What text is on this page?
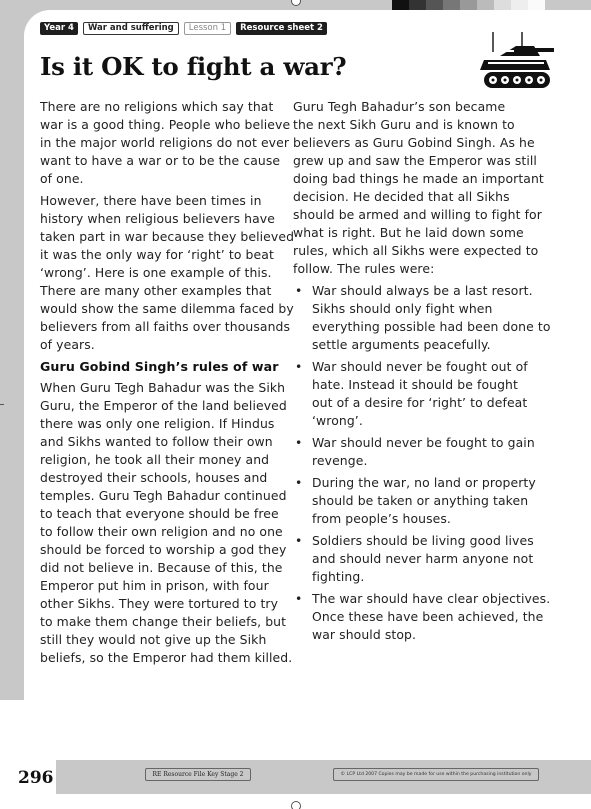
Year 4	War and suffering	Lesson 1	Resource sheet 2
Is it OK to fight a war?

There are no religions which say that
war is a good thing. People who believe
in the major world religions do not ever
want to have a war or to be the cause
of one.

However, there have been times in
history when religious believers have
taken part in war because they believed
it was the only way for ‘right’ to beat
‘wrong’. Here is one example of this.
There are many other examples that
would show the same dilemma faced by
believers from all faiths over thousands
of years.

Guru Gobind Singh’s rules of war

When Guru Tegh Bahadur was the Sikh
Guru, the Emperor of the land believed
there was only one religion. If Hindus
and Sikhs wanted to follow their own
religion, he took all their money and
destroyed their schools, houses and
temples. Guru Tegh Bahadur continued
to teach that everyone should be free
to follow their own religion and no one
should be forced to worship a god they
did not believe in. Because of this, the
Emperor put him in prison, with four
other Sikhs. They were tortured to try
to make them change their beliefs, but
still they would not give up the Sikh
beliefs, so the Emperor had them killed.

Guru Tegh Bahadur’s son became
the next Sikh Guru and is known to
believers as Guru Gobind Singh. As he
grew up and saw the Emperor was still
doing bad things he made an important
decision. He decided that all Sikhs
should be armed and willing to fight for
what is right. But he laid down some
rules, which all Sikhs were expected to
follow. The rules were:

• War should always be a last resort.
Sikhs should only fight when
everything possible had been done to
settle arguments peacefully.
• War should never be fought out of
hate. Instead it should be fought
out of a desire for ‘right’ to defeat
‘wrong’.
• War should never be fought to gain
revenge.
• During the war, no land or property
should be taken or anything taken
from people’s houses.
• Soldiers should be living good lives
and should never harm anyone not
fighting.
• The war should have clear objectives.
Once these have been achieved, the
war should stop.
296	RE Resource File Key Stage 2	© LCP Ltd 2007 Copies may be made for use within the purchasing institution only
